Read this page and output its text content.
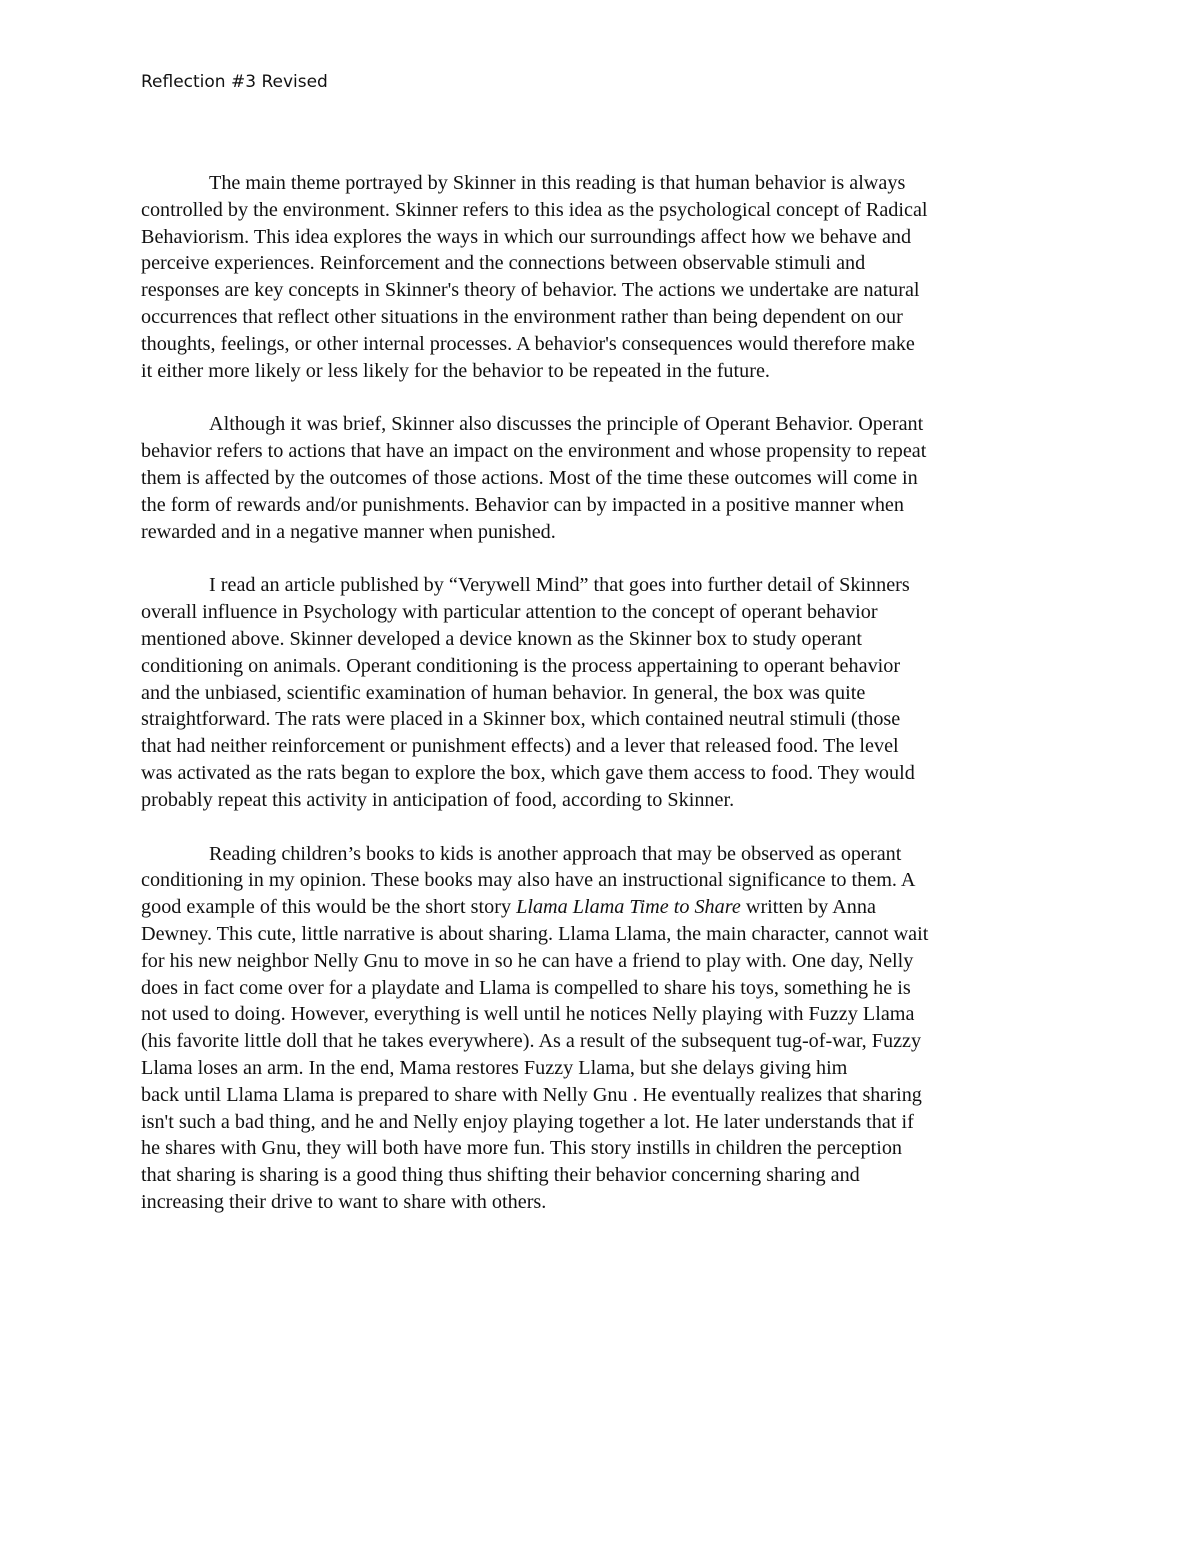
Reflection #3 Revised

The main theme portrayed by Skinner in this reading is that human behavior is always
controlled by the environment. Skinner refers to this idea as the psychological concept of Radical
Behaviorism. This idea explores the ways in which our surroundings affect how we behave and
perceive experiences. Reinforcement and the connections between observable stimuli and
responses are key concepts in Skinner's theory of behavior. The actions we undertake are natural
occurrences that reflect other situations in the environment rather than being dependent on our
thoughts, feelings, or other internal processes. A behavior's consequences would therefore make
it either more likely or less likely for the behavior to be repeated in the future.

Although it was brief, Skinner also discusses the principle of Operant Behavior. Operant
behavior refers to actions that have an impact on the environment and whose propensity to repeat
them is affected by the outcomes of those actions. Most of the time these outcomes will come in
the form of rewards and/or punishments. Behavior can by impacted in a positive manner when
rewarded and in a negative manner when punished.

I read an article published by “Verywell Mind” that goes into further detail of Skinners
overall influence in Psychology with particular attention to the concept of operant behavior
mentioned above. Skinner developed a device known as the Skinner box to study operant
conditioning on animals. Operant conditioning is the process appertaining to operant behavior
and the unbiased, scientific examination of human behavior. In general, the box was quite
straightforward. The rats were placed in a Skinner box, which contained neutral stimuli (those
that had neither reinforcement or punishment effects) and a lever that released food. The level
was activated as the rats began to explore the box, which gave them access to food. They would
probably repeat this activity in anticipation of food, according to Skinner.

Reading children’s books to kids is another approach that may be observed as operant
conditioning in my opinion. These books may also have an instructional significance to them. A
good example of this would be the short story Llama Llama Time to Share written by Anna
Dewney. This cute, little narrative is about sharing. Llama Llama, the main character, cannot wait
for his new neighbor Nelly Gnu to move in so he can have a friend to play with. One day, Nelly
does in fact come over for a playdate and Llama is compelled to share his toys, something he is
not used to doing. However, everything is well until he notices Nelly playing with Fuzzy Llama
(his favorite little doll that he takes everywhere). As a result of the subsequent tug-of-war, Fuzzy
Llama loses an arm. In the end, Mama restores Fuzzy Llama, but she delays giving him
back until Llama Llama is prepared to share with Nelly Gnu . He eventually realizes that sharing
isn't such a bad thing, and he and Nelly enjoy playing together a lot. He later understands that if
he shares with Gnu, they will both have more fun. This story instills in children the perception
that sharing is sharing is a good thing thus shifting their behavior concerning sharing and
increasing their drive to want to share with others.
